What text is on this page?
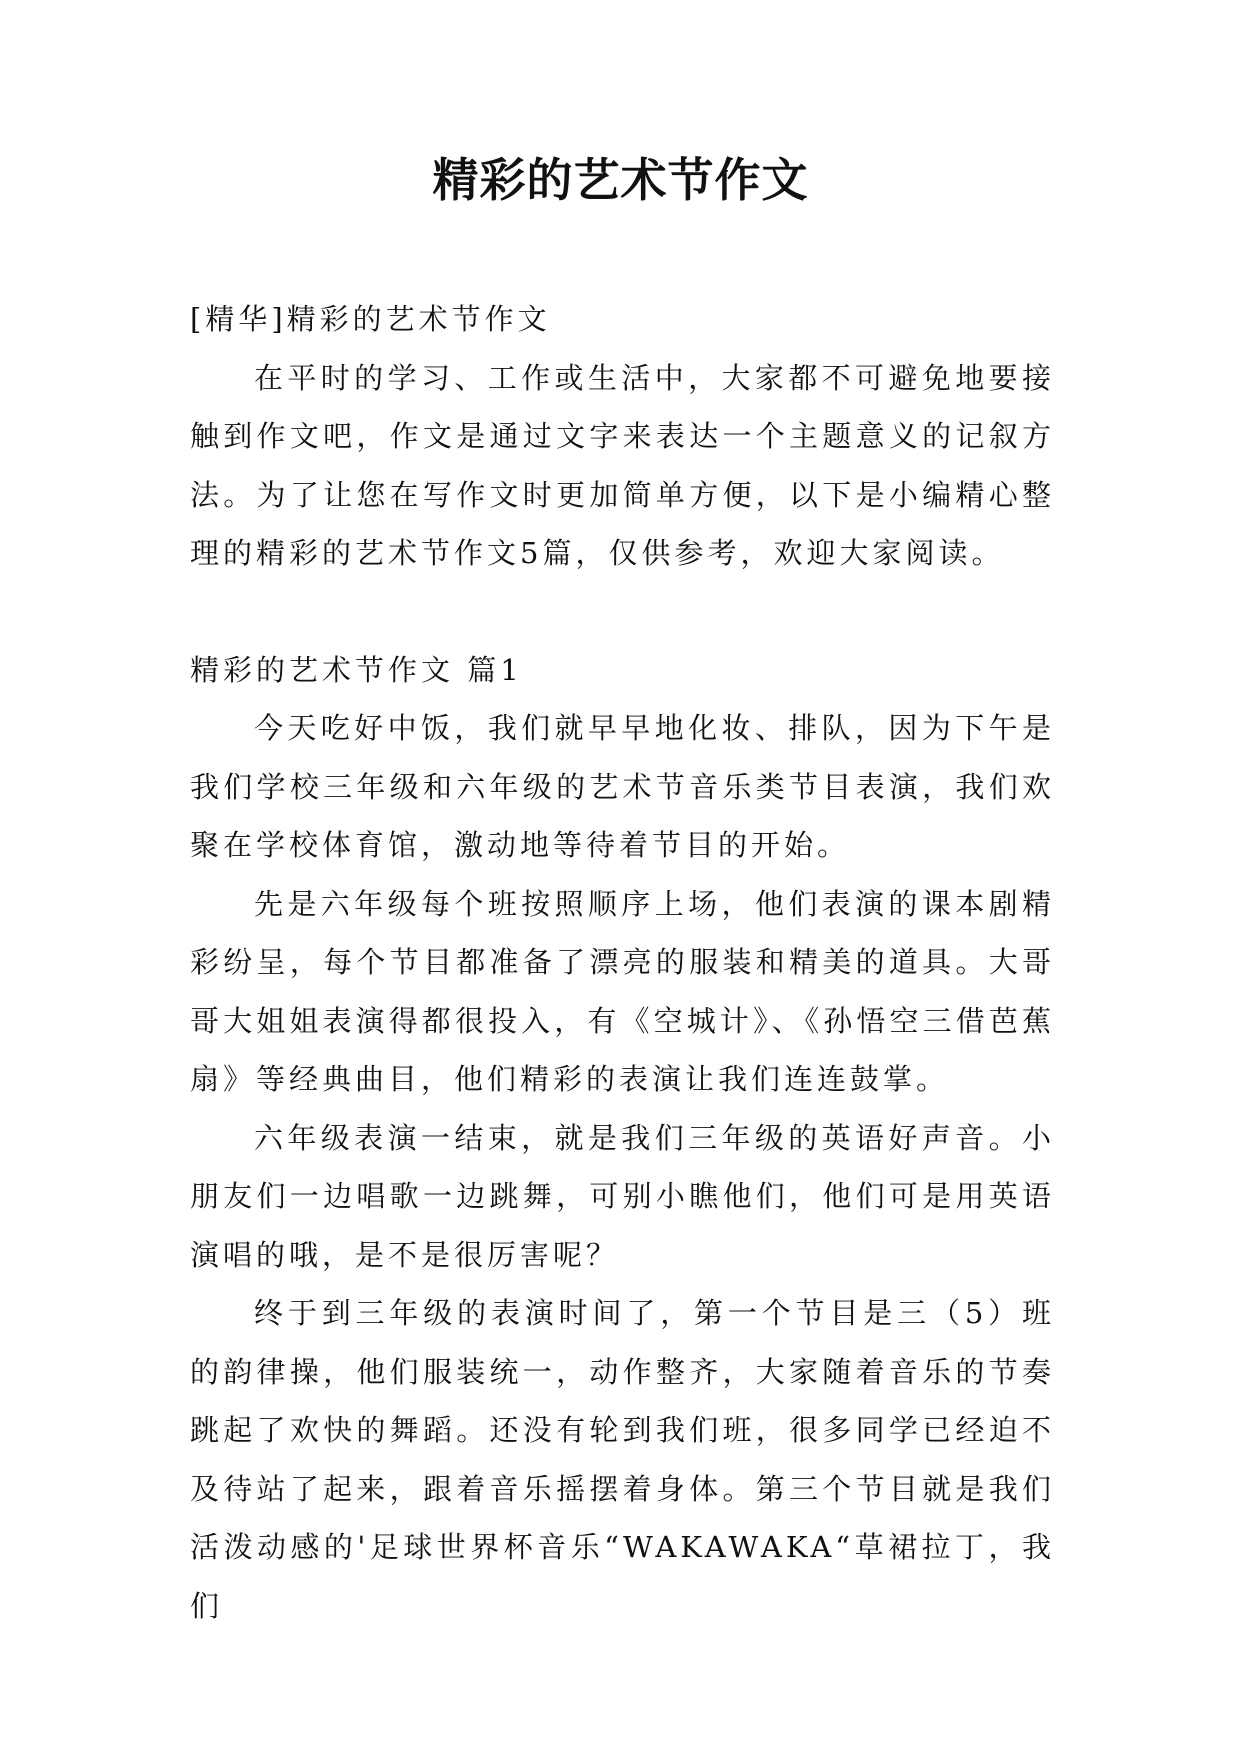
精彩的艺术节作文

[精华]精彩的艺术节作文

在平时的学习、工作或生活中，大家都不可避免地要接触到作文吧，作文是通过文字来表达一个主题意义的记叙方法。为了让您在写作文时更加简单方便，以下是小编精心整理的精彩的艺术节作文5篇，仅供参考，欢迎大家阅读。

精彩的艺术节作文 篇1

今天吃好中饭，我们就早早地化妆、排队，因为下午是我们学校三年级和六年级的艺术节音乐类节目表演，我们欢聚在学校体育馆，激动地等待着节目的开始。

先是六年级每个班按照顺序上场，他们表演的课本剧精彩纷呈，每个节目都准备了漂亮的服装和精美的道具。大哥哥大姐姐表演得都很投入，有《空城计》、《孙悟空三借芭蕉扇》等经典曲目，他们精彩的表演让我们连连鼓掌。

六年级表演一结束，就是我们三年级的英语好声音。小朋友们一边唱歌一边跳舞，可别小瞧他们，他们可是用英语演唱的哦，是不是很厉害呢？

终于到三年级的表演时间了，第一个节目是三（5）班的韵律操，他们服装统一，动作整齐，大家随着音乐的节奏跳起了欢快的舞蹈。还没有轮到我们班，很多同学已经迫不及待站了起来，跟着音乐摇摆着身体。第三个节目就是我们活泼动感的'足球世界杯音乐“WAKAWAKA“草裙拉丁，我们
